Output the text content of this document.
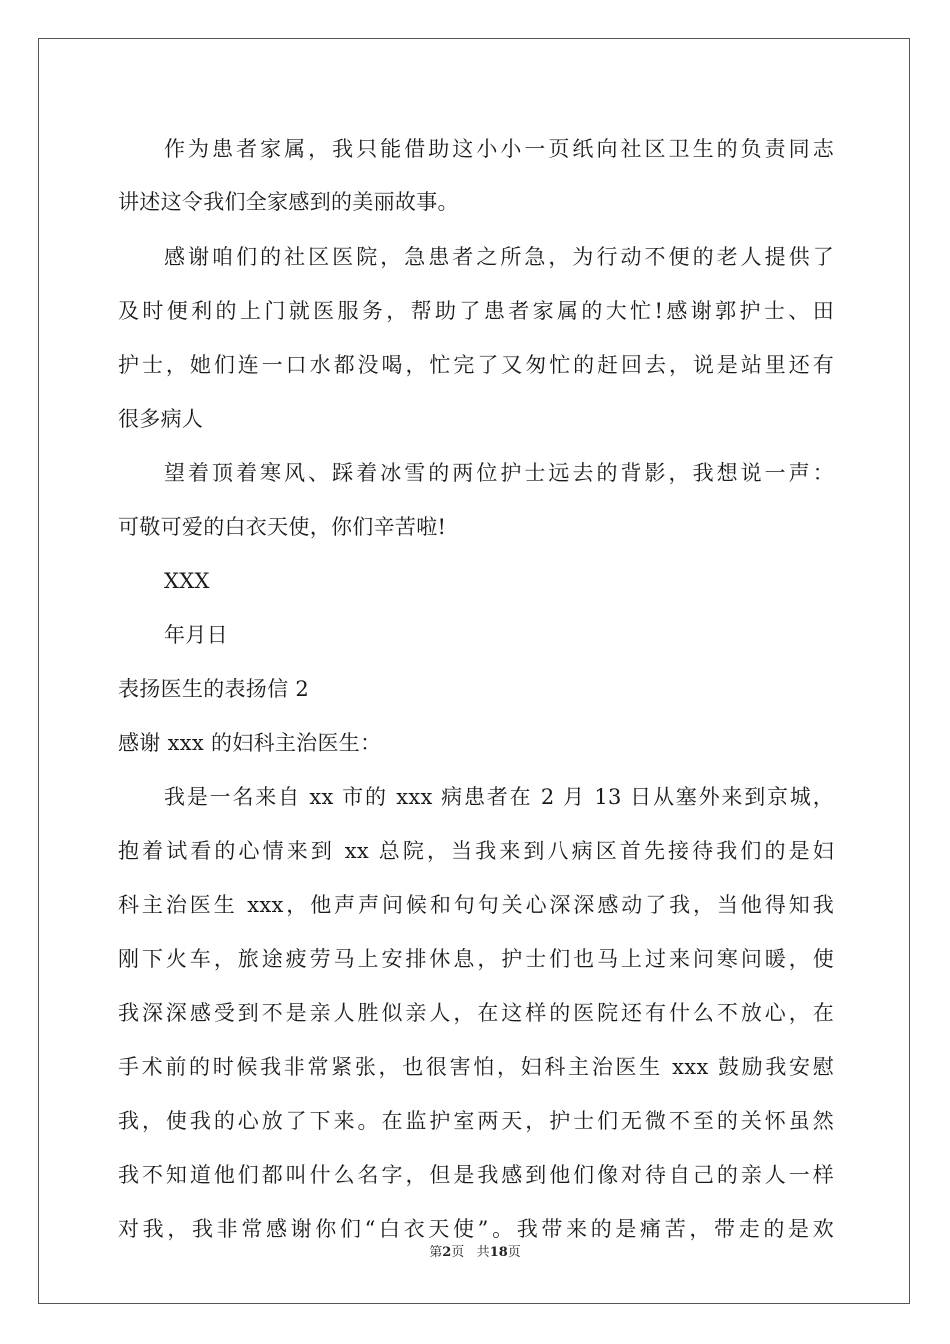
作为患者家属，我只能借助这小小一页纸向社区卫生的负责同志
讲述这令我们全家感到的美丽故事。
感谢咱们的社区医院，急患者之所急，为行动不便的老人提供了
及时便利的上门就医服务，帮助了患者家属的大忙!感谢郭护士、田
护士，她们连一口水都没喝，忙完了又匆忙的赶回去，说是站里还有
很多病人
望着顶着寒风、踩着冰雪的两位护士远去的背影，我想说一声：
可敬可爱的白衣天使，你们辛苦啦!
XXX
年月日
表扬医生的表扬信 2
感谢 xxx 的妇科主治医生：
我是一名来自 xx 市的 xxx 病患者在 2 月 13 日从塞外来到京城，
抱着试看的心情来到 xx 总院，当我来到八病区首先接待我们的是妇
科主治医生 xxx，他声声问候和句句关心深深感动了我，当他得知我
刚下火车，旅途疲劳马上安排休息，护士们也马上过来问寒问暖，使
我深深感受到不是亲人胜似亲人，在这样的医院还有什么不放心，在
手术前的时候我非常紧张，也很害怕，妇科主治医生 xxx 鼓励我安慰
我，使我的心放了下来。在监护室两天，护士们无微不至的关怀虽然
我不知道他们都叫什么名字，但是我感到他们像对待自己的亲人一样
对我，我非常感谢你们“白衣天使”。我带来的是痛苦，带走的是欢
第2页 共18页
